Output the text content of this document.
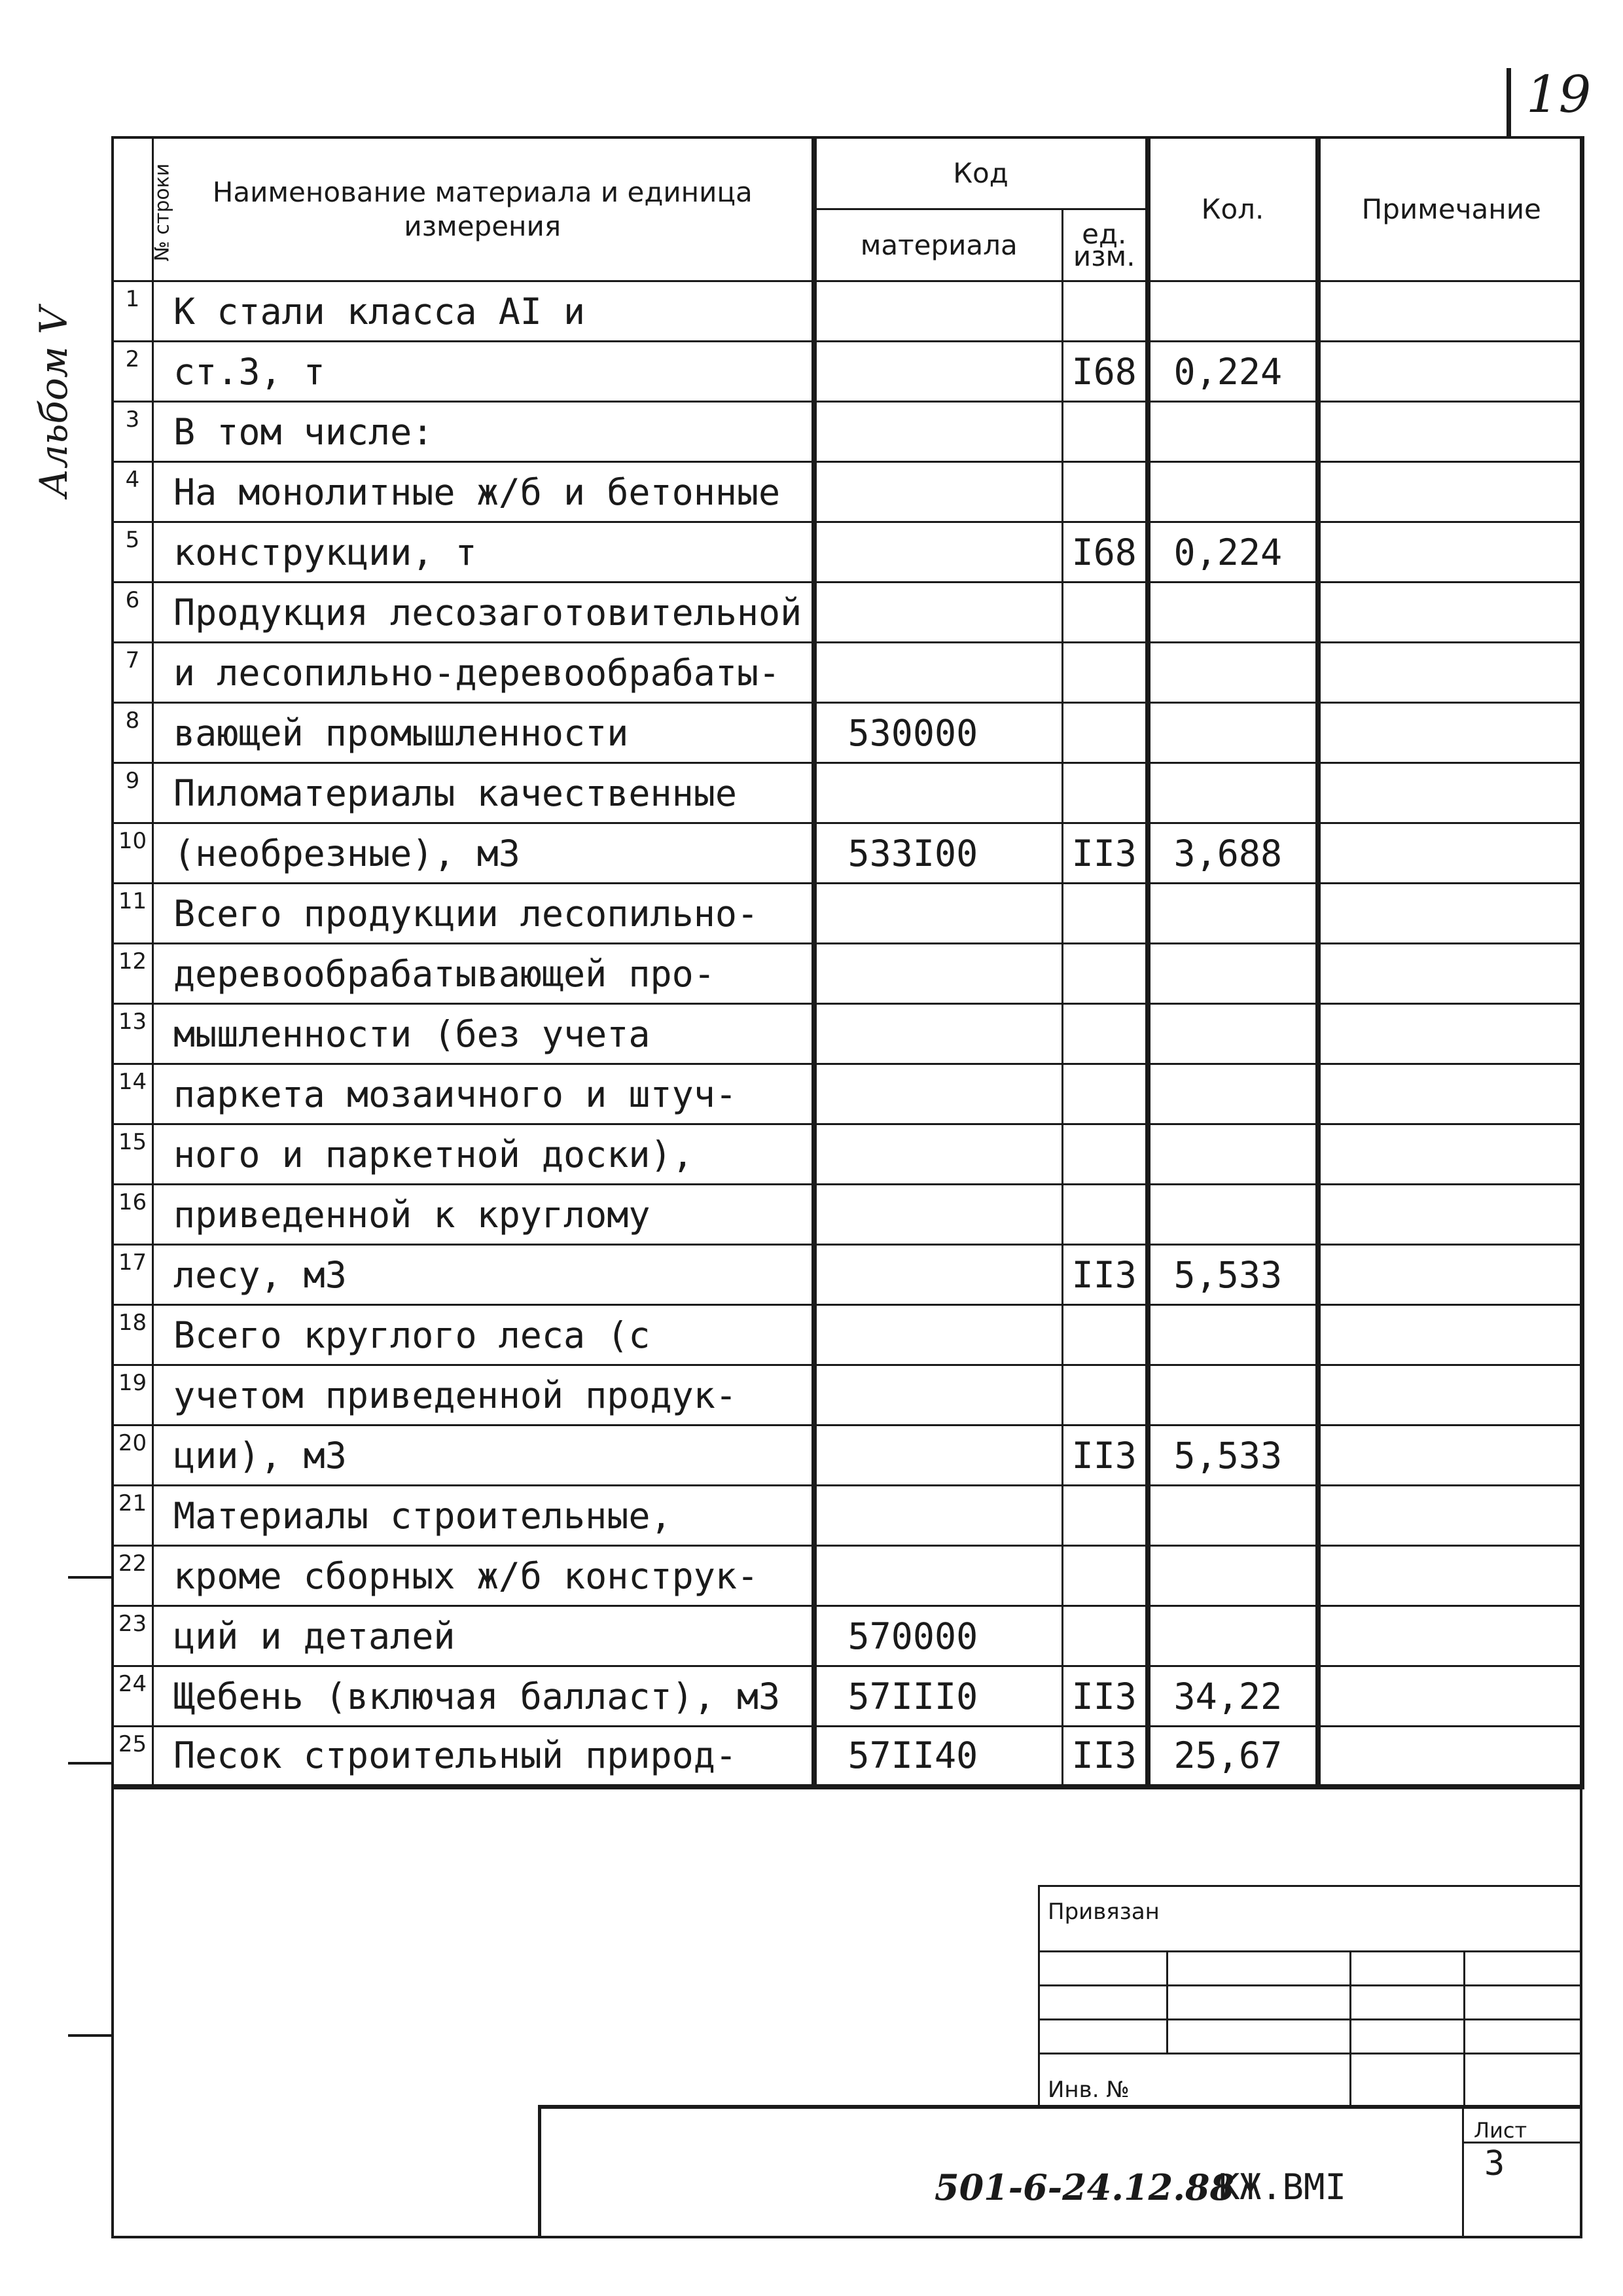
19
Альбом V
№ строки	Наименование материала и единица измерения	Код		Кол.	Примечание
		материала	ед. изм.		
1	К стали класса AI и				
2	ст.3, т		I68	0,224	
3	В том числе:				
4	На монолитные ж/б и бетонные				
5	конструкции, т		I68	0,224	
6	Продукция лесозаготовительной				
7	и лесопильно-деревообрабаты-				
8	вающей промышленности	530000			
9	Пиломатериалы качественные				
10	(необрезные), м3	533I00	II3	3,688	
11	Всего продукции лесопильно-				
12	деревообрабатывающей про-				
13	мышленности (без учета				
14	паркета мозаичного и штуч-				
15	ного и паркетной доски),				
16	приведенной к круглому				
17	лесу, м3		II3	5,533	
18	Всего круглого леса (с				
19	учетом приведенной продук-				
20	ции), м3		II3	5,533	
21	Материалы строительные,				
22	кроме сборных ж/б конструк-				
23	ций и деталей	570000			
24	Щебень (включая балласт), м3	57III0	II3	34,22	
25	Песок строительный природ-	57II40	II3	25,67	
Привязан
Инв. №
501-6-24.12.88
КЖ.ВМI
Лист
3
